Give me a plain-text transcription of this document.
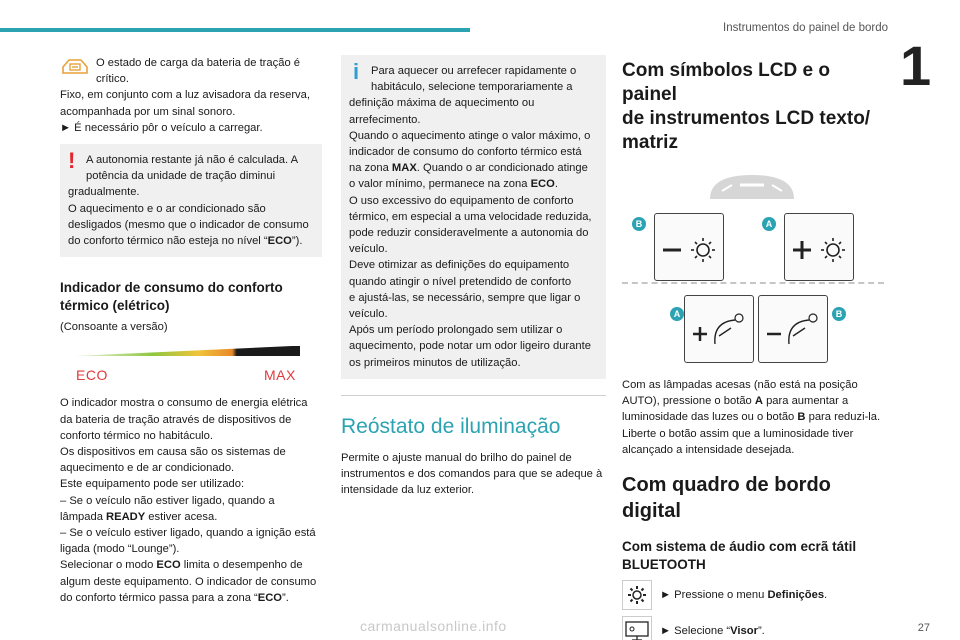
Instrumentos do painel de bordo
1
O estado de carga da bateria de tração é
crítico.
Fixo, em conjunto com a luz avisadora da reserva,
acompanhada por um sinal sonoro.
► É necessário pôr o veículo a carregar.
! A autonomia restante já não é calculada. A
potência da unidade de tração diminui
gradualmente.
O aquecimento e o ar condicionado são
desligados (mesmo que o indicador de consumo
do conforto térmico não esteja no nível “ECO”).
Indicador de consumo do conforto
térmico (elétrico)
(Consoante a versão)
ECO	MAX
O indicador mostra o consumo de energia elétrica
da bateria de tração através de dispositivos de
conforto térmico no habitáculo.
Os dispositivos em causa são os sistemas de
aquecimento e de ar condicionado.
Este equipamento pode ser utilizado:
– Se o veículo não estiver ligado, quando a
lâmpada READY estiver acesa.
– Se o veículo estiver ligado, quando a ignição está
ligada (modo “Lounge”).
Selecionar o modo ECO limita o desempenho de
algum deste equipamento. O indicador de consumo
do conforto térmico passa para a zona “ECO”.
i	Para aquecer ou arrefecer rapidamente o
habitáculo, selecione temporariamente a
definição máxima de aquecimento ou
arrefecimento.
Quando o aquecimento atinge o valor máximo, o
indicador de consumo do conforto térmico está
na zona MAX. Quando o ar condicionado atinge
o valor mínimo, permanece na zona ECO.
O uso excessivo do equipamento de conforto
térmico, em especial a uma velocidade reduzida,
pode reduzir consideravelmente a autonomia do
veículo.
Deve otimizar as definições do equipamento
quando atingir o nível pretendido de conforto
e ajustá-las, se necessário, sempre que ligar o
veículo.
Após um período prolongado sem utilizar o
aquecimento, pode notar um odor ligeiro durante
os primeiros minutos de utilização.
Reóstato de iluminação
Permite o ajuste manual do brilho do painel de
instrumentos e dos comandos para que se adeque à
intensidade da luz exterior.
Com símbolos LCD e o painel
de instrumentos LCD texto/
matriz
B	A
A	B
Com as lâmpadas acesas (não está na posição
AUTO), pressione o botão A para aumentar a
luminosidade das luzes ou o botão B para reduzi-la.
Liberte o botão assim que a luminosidade tiver
alcançado a intensidade desejada.
Com quadro de bordo digital
Com sistema de áudio com ecrã tátil
BLUETOOTH
► Pressione o menu Definições.
► Selecione “Visor”.
carmanualsonline.info	27
